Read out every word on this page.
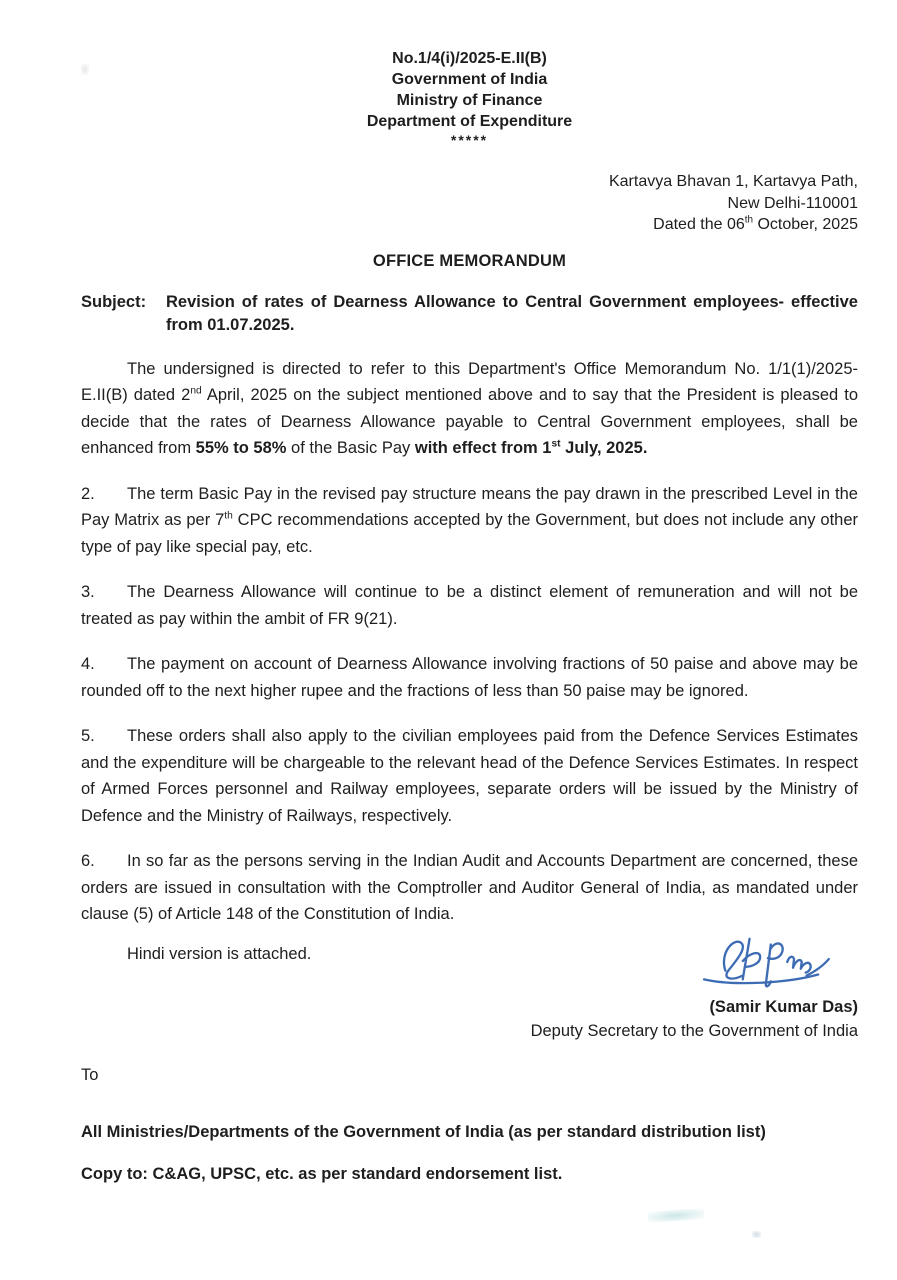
No.1/4(i)/2025-E.II(B)
Government of India
Ministry of Finance
Department of Expenditure
*****
Kartavya Bhavan 1, Kartavya Path,
New Delhi-110001
Dated the 06th October, 2025
OFFICE MEMORANDUM
Subject:	Revision of rates of Dearness Allowance to Central Government employees- effective from 01.07.2025.

The undersigned is directed to refer to this Department's Office Memorandum No. 1/1(1)/2025-E.II(B) dated 2nd April, 2025 on the subject mentioned above and to say that the President is pleased to decide that the rates of Dearness Allowance payable to Central Government employees, shall be enhanced from 55% to 58% of the Basic Pay with effect from 1st July, 2025.

2. The term Basic Pay in the revised pay structure means the pay drawn in the prescribed Level in the Pay Matrix as per 7th CPC recommendations accepted by the Government, but does not include any other type of pay like special pay, etc.

3. The Dearness Allowance will continue to be a distinct element of remuneration and will not be treated as pay within the ambit of FR 9(21).

4. The payment on account of Dearness Allowance involving fractions of 50 paise and above may be rounded off to the next higher rupee and the fractions of less than 50 paise may be ignored.

5. These orders shall also apply to the civilian employees paid from the Defence Services Estimates and the expenditure will be chargeable to the relevant head of the Defence Services Estimates. In respect of Armed Forces personnel and Railway employees, separate orders will be issued by the Ministry of Defence and the Ministry of Railways, respectively.

6. In so far as the persons serving in the Indian Audit and Accounts Department are concerned, these orders are issued in consultation with the Comptroller and Auditor General of India, as mandated under clause (5) of Article 148 of the Constitution of India.

Hindi version is attached.
(Samir Kumar Das)
Deputy Secretary to the Government of India
To
All Ministries/Departments of the Government of India (as per standard distribution list)
Copy to: C&AG, UPSC, etc. as per standard endorsement list.
